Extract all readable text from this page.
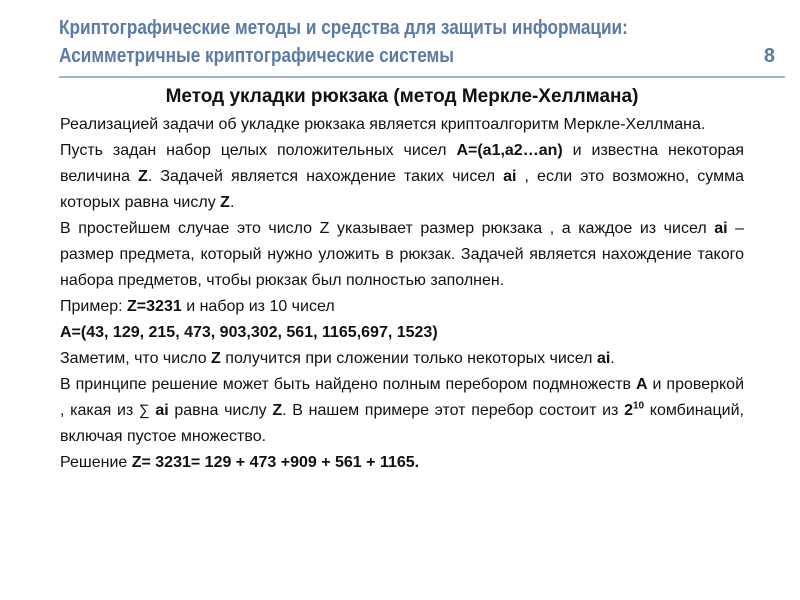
Криптографические методы и средства для защиты информации:
Асимметричные криптографические системы	8
Метод укладки рюкзака (метод Меркле-Хеллмана)

Реализацией задачи об укладке рюкзака является криптоалгоритм Меркле-Хеллмана.

Пусть задан набор целых положительных чисел A=(a1,a2…an) и известна некоторая величина Z. Задачей является нахождение таких чисел ai , если это возможно, сумма которых равна числу Z.

В простейшем случае это число Z указывает размер рюкзака , а каждое из чисел ai – размер предмета, который нужно уложить в рюкзак. Задачей является нахождение такого набора предметов, чтобы рюкзак был полностью заполнен.

Пример: Z=3231 и набор из 10 чисел

A=(43, 129, 215, 473, 903,302, 561, 1165,697, 1523)

Заметим, что число Z получится при сложении только некоторых чисел ai.

В принципе решение может быть найдено полным перебором подмножеств A и проверкой , какая из ∑ ai равна числу Z. В нашем примере этот перебор состоит из $2^{10}$ комбинаций, включая пустое множество.

Решение Z= 3231= 129 + 473 +909 + 561 + 1165.
